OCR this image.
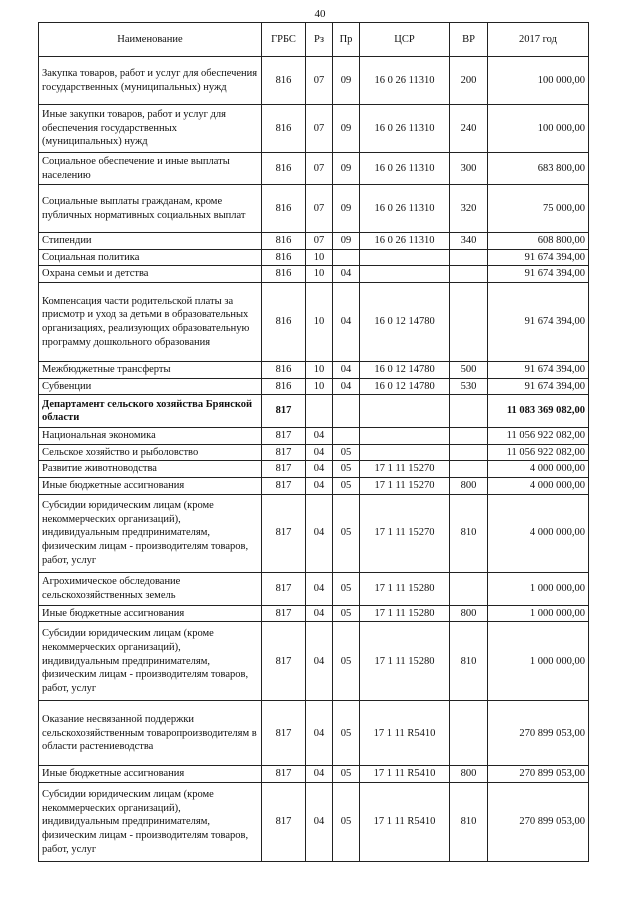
40
Наименование	ГРБС	Рз	Пр	ЦСР	ВР	2017 год
Закупка товаров, работ и услуг для обеспечения государственных (муниципальных) нужд	816	07	09	16 0 26 11310	200	100 000,00
Иные закупки товаров, работ и услуг для обеспечения государственных (муниципальных) нужд	816	07	09	16 0 26 11310	240	100 000,00
Социальное обеспечение и иные выплаты населению	816	07	09	16 0 26 11310	300	683 800,00
Социальные выплаты гражданам, кроме публичных нормативных социальных выплат	816	07	09	16 0 26 11310	320	75 000,00
Стипендии	816	07	09	16 0 26 11310	340	608 800,00
Социальная политика	816	10				91 674 394,00
Охрана семьи и детства	816	10	04			91 674 394,00
Компенсация части родительской платы за присмотр и уход за детьми в образовательных организациях, реализующих образовательную программу дошкольного образования	816	10	04	16 0 12 14780		91 674 394,00
Межбюджетные трансферты	816	10	04	16 0 12 14780	500	91 674 394,00
Субвенции	816	10	04	16 0 12 14780	530	91 674 394,00
Департамент сельского хозяйства Брянской области	817					11 083 369 082,00
Национальная экономика	817	04				11 056 922 082,00
Сельское хозяйство и рыболовство	817	04	05			11 056 922 082,00
Развитие животноводства	817	04	05	17 1 11 15270		4 000 000,00
Иные бюджетные ассигнования	817	04	05	17 1 11 15270	800	4 000 000,00
Субсидии юридическим лицам (кроме некоммерческих организаций), индивидуальным предпринимателям, физическим лицам - производителям товаров, работ, услуг	817	04	05	17 1 11 15270	810	4 000 000,00
Агрохимическое обследование сельскохозяйственных земель	817	04	05	17 1 11 15280		1 000 000,00
Иные бюджетные ассигнования	817	04	05	17 1 11 15280	800	1 000 000,00
Субсидии юридическим лицам (кроме некоммерческих организаций), индивидуальным предпринимателям, физическим лицам - производителям товаров, работ, услуг	817	04	05	17 1 11 15280	810	1 000 000,00
Оказание несвязанной поддержки сельскохозяйственным товаропроизводителям в области растениеводства	817	04	05	17 1 11 R5410		270 899 053,00
Иные бюджетные ассигнования	817	04	05	17 1 11 R5410	800	270 899 053,00
Субсидии юридическим лицам (кроме некоммерческих организаций), индивидуальным предпринимателям, физическим лицам - производителям товаров, работ, услуг	817	04	05	17 1 11 R5410	810	270 899 053,00
